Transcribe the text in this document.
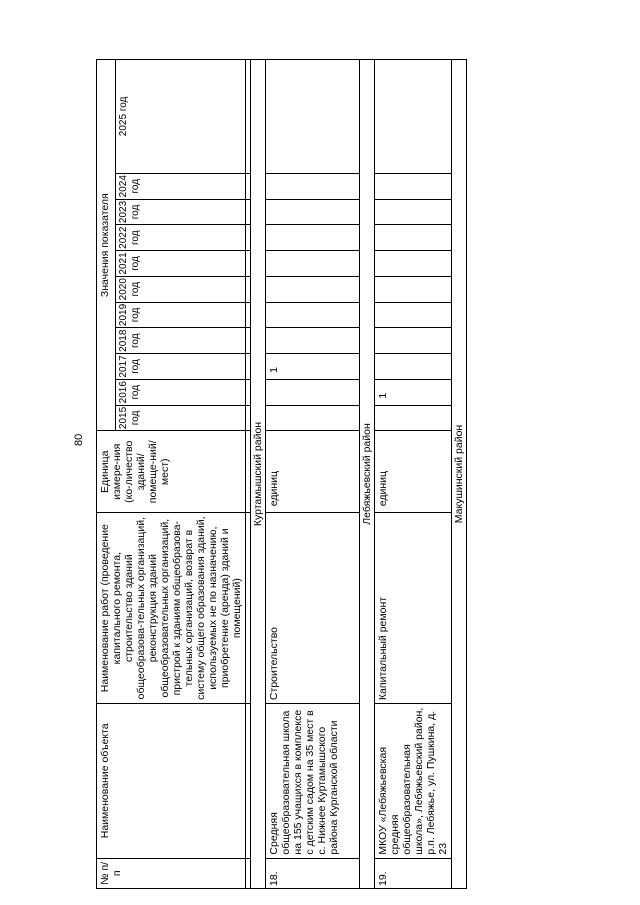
80
№ п/п	Наименование объекта	Наименование работ (проведение капитального ремонта, строительство зданий общеобразова-тельных организаций, реконструкция зданий общеобразовательных организаций, пристрой к зданиям общеобразова-тельных организаций, возврат в систему общего образования зданий, используемых не по назначению, приобретение (аренда) зданий и помещений)	Единица измере-ния (ко-личество зданий/ помеще-ний/мест)	Значения показателя										
				2015 год	2016 год	2017 год	2018 год	2019 год	2020 год	2021 год	2022 год	2023 год	2024 год	2025 год

Куртамышский район														
18.	Средняя общеобразовательная школа на 155 учащихся в комплексе с детским садом на 35 мест в с. Нижнее Куртамышского района Курганской области	Строительство	единиц			1								
Лебяжьевский район														
19.	МКОУ «Лебяжьевская средняя общеобразовательная школа», Лебяжьевский район, р.п. Лебяжье, ул. Пушкина, д. 23	Капитальный ремонт	единиц		1									
Макушинский район														
